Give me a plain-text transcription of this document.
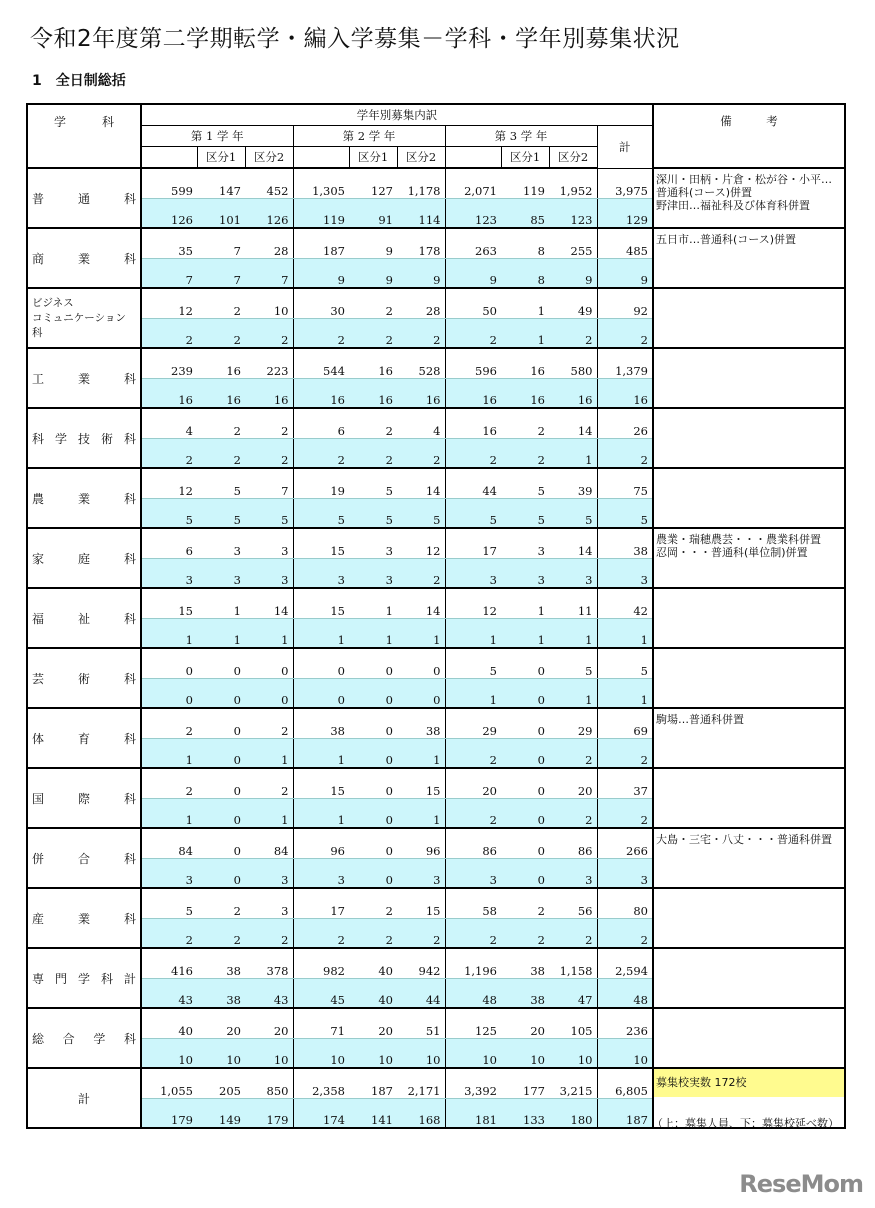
令和2年度第二学期転学・編入学募集－学科・学年別募集状況
1　全日制総括
学　　　科	学年別募集内訳										備　　　考
	第 1 学 年			第 2 学 年			第 3 学 年			計	
		区分1	区分2		区分1	区分2		区分1	区分2		
普　通　科	599	147	452	1,305	127	1,178	2,071	119	1,952	3,975	深川・田柄・片倉・松が谷・小平…
普通科(コース)併置
野津田…福祉科及び体育科併置
	126	101	126	119	91	114	123	85	123	129	
商　業　科	35	7	28	187	9	178	263	8	255	485	五日市…普通科(コース)併置
	7	7	7	9	9	9	9	8	9	9	
ビジネス
コミュニケーション科	12	2	10	30	2	28	50	1	49	92	
	2	2	2	2	2	2	2	1	2	2	
工　業　科	239	16	223	544	16	528	596	16	580	1,379	
	16	16	16	16	16	16	16	16	16	16	
科学技術科	4	2	2	6	2	4	16	2	14	26	
	2	2	2	2	2	2	2	2	1	2	
農　業　科	12	5	7	19	5	14	44	5	39	75	
	5	5	5	5	5	5	5	5	5	5	
家　庭　科	6	3	3	15	3	12	17	3	14	38	農業・瑞穂農芸・・・農業科併置
忍岡・・・普通科(単位制)併置
	3	3	3	3	3	2	3	3	3	3	
福　祉　科	15	1	14	15	1	14	12	1	11	42	
	1	1	1	1	1	1	1	1	1	1	
芸　術　科	0	0	0	0	0	0	5	0	5	5	
	0	0	0	0	0	0	1	0	1	1	
体　育　科	2	0	2	38	0	38	29	0	29	69	駒場…普通科併置
	1	0	1	1	0	1	2	0	2	2	
国　際　科	2	0	2	15	0	15	20	0	20	37	
	1	0	1	1	0	1	2	0	2	2	
併　合　科	84	0	84	96	0	96	86	0	86	266	大島・三宅・八丈・・・普通科併置
	3	0	3	3	0	3	3	0	3	3	
産　業　科	5	2	3	17	2	15	58	2	56	80	
	2	2	2	2	2	2	2	2	2	2	
専門学科計	416	38	378	982	40	942	1,196	38	1,158	2,594	
	43	38	43	45	40	44	48	38	47	48	
総　合　学　科	40	20	20	71	20	51	125	20	105	236	
	10	10	10	10	10	10	10	10	10	10	
計	1,055	205	850	2,358	187	2,171	3,392	177	3,215	6,805	募集校実数 172校

	179	149	179	174	141	168	181	133	180	187	（上：募集人員、下：募集校延べ数）
ReseMom
